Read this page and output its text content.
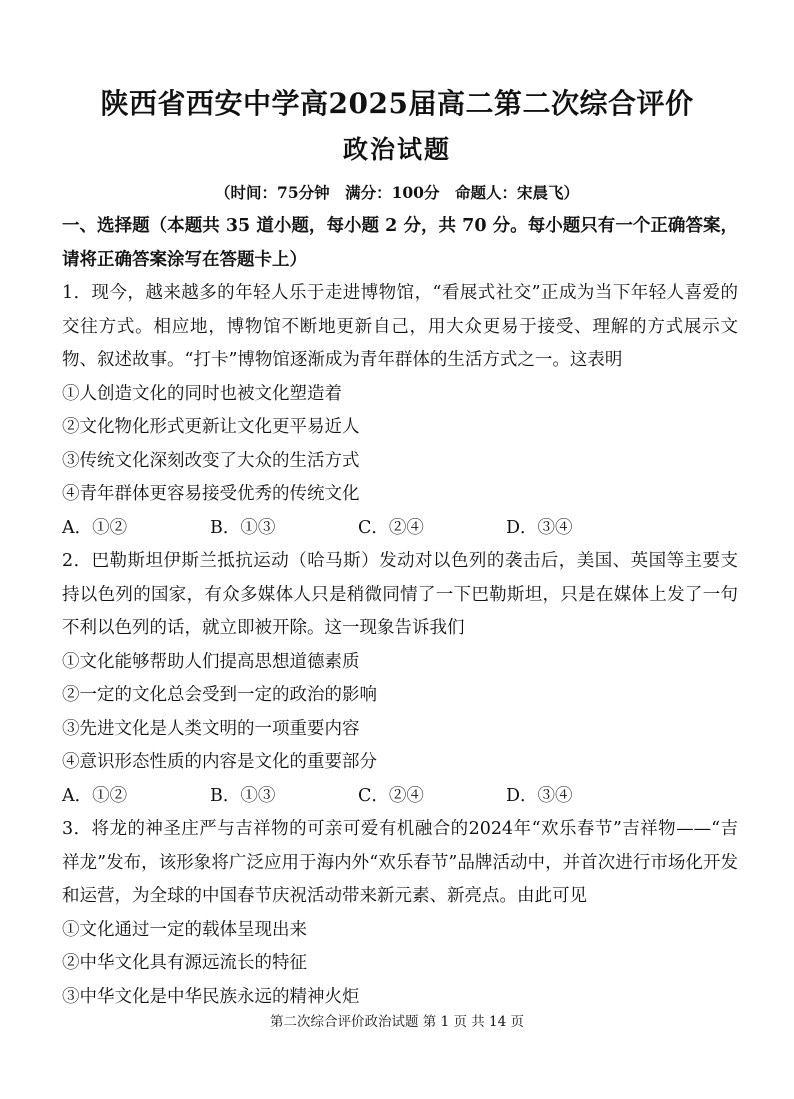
陕西省西安中学高2025届高二第二次综合评价
政治试题
（时间：75分钟　满分：100分　命题人：宋晨飞）
一、选择题（本题共 35 道小题，每小题 2 分，共 70 分。每小题只有一个正确答案，请将正确答案涂写在答题卡上）
1．现今，越来越多的年轻人乐于走进博物馆，“看展式社交”正成为当下年轻人喜爱的交往方式。相应地，博物馆不断地更新自己，用大众更易于接受、理解的方式展示文物、叙述故事。“打卡”博物馆逐渐成为青年群体的生活方式之一。这表明
①人创造文化的同时也被文化塑造着
②文化物化形式更新让文化更平易近人
③传统文化深刻改变了大众的生活方式
④青年群体更容易接受优秀的传统文化
A．①②	B．①③	C．②④	D．③④
2．巴勒斯坦伊斯兰抵抗运动（哈马斯）发动对以色列的袭击后，美国、英国等主要支持以色列的国家，有众多媒体人只是稍微同情了一下巴勒斯坦，只是在媒体上发了一句不利以色列的话，就立即被开除。这一现象告诉我们
①文化能够帮助人们提高思想道德素质
②一定的文化总会受到一定的政治的影响
③先进文化是人类文明的一项重要内容
④意识形态性质的内容是文化的重要部分
A．①②	B．①③	C．②④	D．③④
3．将龙的神圣庄严与吉祥物的可亲可爱有机融合的2024年“欢乐春节”吉祥物——“吉祥龙”发布，该形象将广泛应用于海内外“欢乐春节”品牌活动中，并首次进行市场化开发和运营，为全球的中国春节庆祝活动带来新元素、新亮点。由此可见
①文化通过一定的载体呈现出来
②中华文化具有源远流长的特征
③中华文化是中华民族永远的精神火炬
第二次综合评价政治试题 第 1 页 共 14 页
